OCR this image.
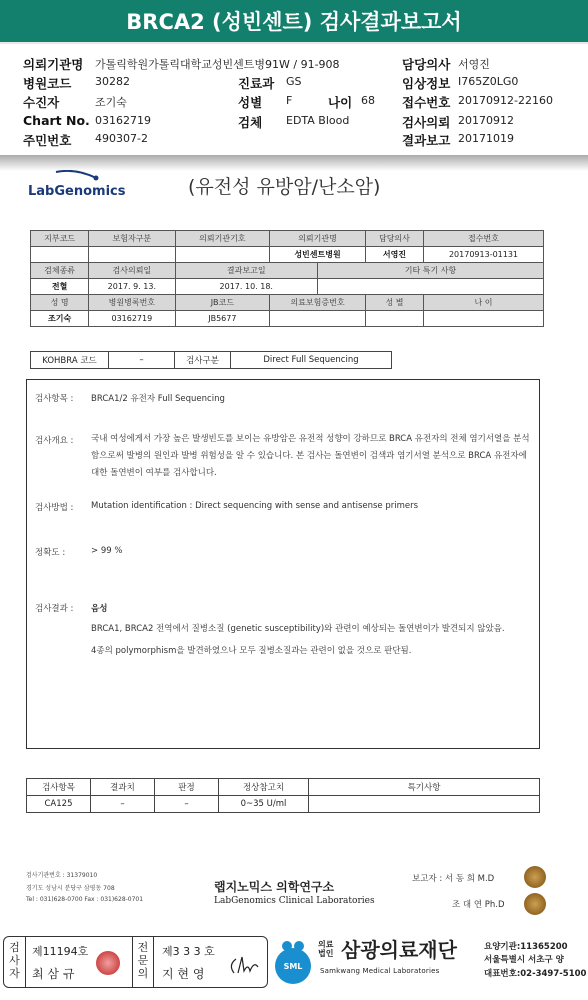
BRCA2 (성빈센트) 검사결과보고서
의뢰기관명 가톨릭학원가톨릭대학교성빈센트병91W / 91-908
병원코드 30282
수진자	조기숙
Chart No. 03162719
주민번호 490307-2
진료과 GS
성별 F	나이 68
검체 EDTA Blood
담당의사 서영진
임상정보 I765Z0LG0
접수번호 20170912-22160
검사의뢰 20170912
결과보고 20171019
LabGenomics	(유전성 유방암/난소암)
지부코드	보험자구분	의뢰기관기호	의뢰기관명		담당의사	접수번호
			성빈센트병원		서영진	20170913-01131
검체종류	검사의뢰일	결과보고일		기타 특기 사항		
전혈	2017. 9. 13.	2017. 10. 18.				
성 명	병원병록번호	JB코드	의료보험증번호		성 별	나 이
조기숙	03162719	JB5677				
KOHBRA 코드	–	검사구분	Direct Full Sequencing
검사항목 : BRCA1/2 유전자 Full Sequencing
검사개요 : 국내 여성에게서 가장 높은 발생빈도를 보이는 유방암은 유전적 성향이 강하므로 BRCA 유전자의 전체 염기서열을 분석함으로써 발병의 원인과 발병 위험성을 알 수 있습니다. 본 검사는 돌연변이 검색과 염기서열 분석으로 BRCA 유전자에 대한 돌연변이 여부를 검사합니다.
검사방법 : Mutation identification : Direct sequencing with sense and antisense primers
정확도 :	> 99 %
검사결과 : 음성
BRCA1, BRCA2 전역에서 질병소질 (genetic susceptibility)와 관련이 예상되는 돌연변이가 발견되지 않았음.
4종의 polymorphism을 발견하였으나 모두 질병소질과는 관련이 없을 것으로 판단됨.
검사항목	결과치	판정	정상참고치	특기사항
CA125	–	–	0~35 U/ml	
검사기관번호 : 31379010
경기도 성남시 분당구 삼평동 708
Tel : 031)628-0700 Fax : 031)628-0701
랩지노믹스 의학연구소
LabGenomics Clinical Laboratories
보고자 : 서 동 희 M.D
조 대 연 Ph.D
검사자
제11194호
최 삼 규
전문의
제3 3 3 호
지 현 영
SML
의료
법인 삼광의료재단
Samkwang Medical Laboratories
요양기관:11365200
서울특별시 서초구 양
대표번호:02-3497-5100
